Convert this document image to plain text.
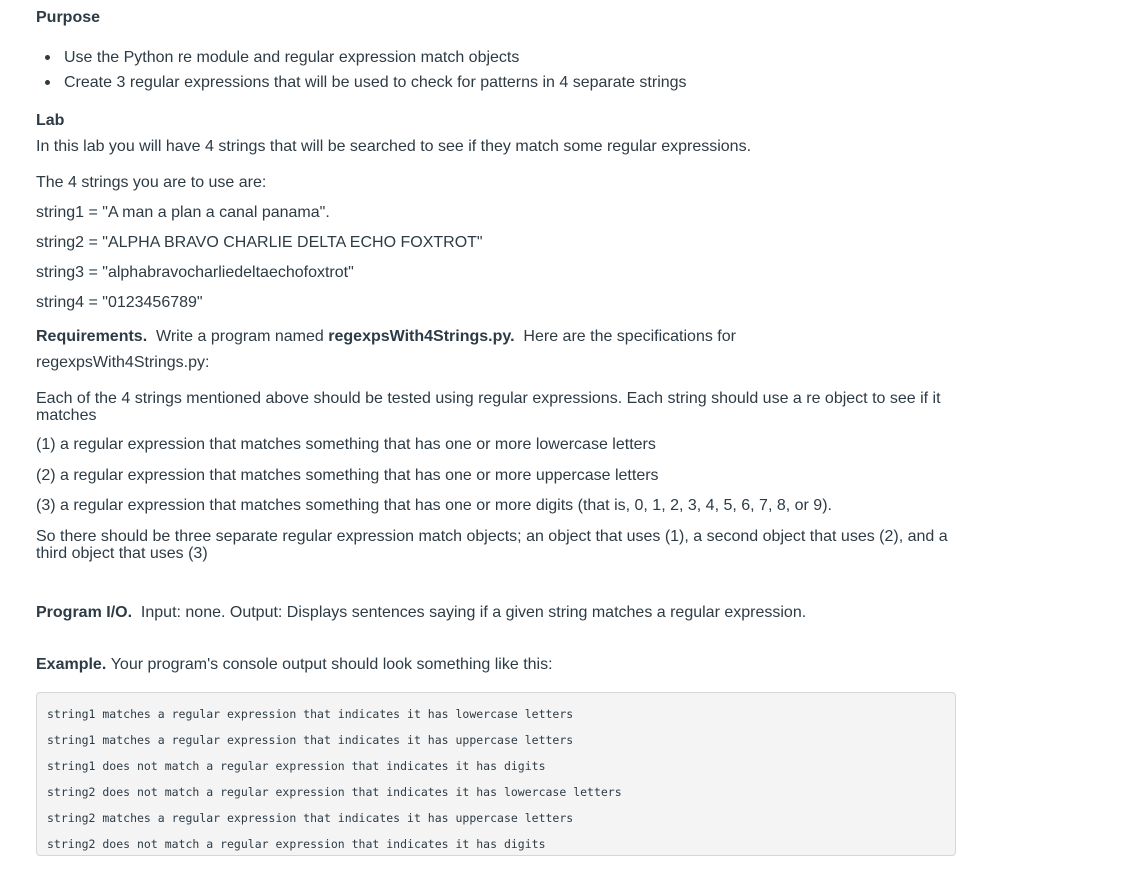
Purpose
Use the Python re module and regular expression match objects
Create 3 regular expressions that will be used to check for patterns in 4 separate strings
Lab
In this lab you will have 4 strings that will be searched to see if they match some regular expressions.
The 4 strings you are to use are:
string1 = "A man a plan a canal panama".
string2 = "ALPHA BRAVO CHARLIE DELTA ECHO FOXTROT"
string3 = "alphabravocharliedeltaechofoxtrot"
string4 = "0123456789"
Requirements. Write a program named regexpsWith4Strings.py. Here are the specifications for
regexpsWith4Strings.py:
Each of the 4 strings mentioned above should be tested using regular expressions. Each string should use a re object to see if it matches
(1) a regular expression that matches something that has one or more lowercase letters
(2) a regular expression that matches something that has one or more uppercase letters
(3) a regular expression that matches something that has one or more digits (that is, 0, 1, 2, 3, 4, 5, 6, 7, 8, or 9).
So there should be three separate regular expression match objects; an object that uses (1), a second object that uses (2), and a third object that uses (3)
Program I/O. Input: none. Output: Displays sentences saying if a given string matches a regular expression.
Example. Your program's console output should look something like this:
string1 matches a regular expression that indicates it has lowercase letters
string1 matches a regular expression that indicates it has uppercase letters
string1 does not match a regular expression that indicates it has digits
string2 does not match a regular expression that indicates it has lowercase letters
string2 matches a regular expression that indicates it has uppercase letters
string2 does not match a regular expression that indicates it has digits
